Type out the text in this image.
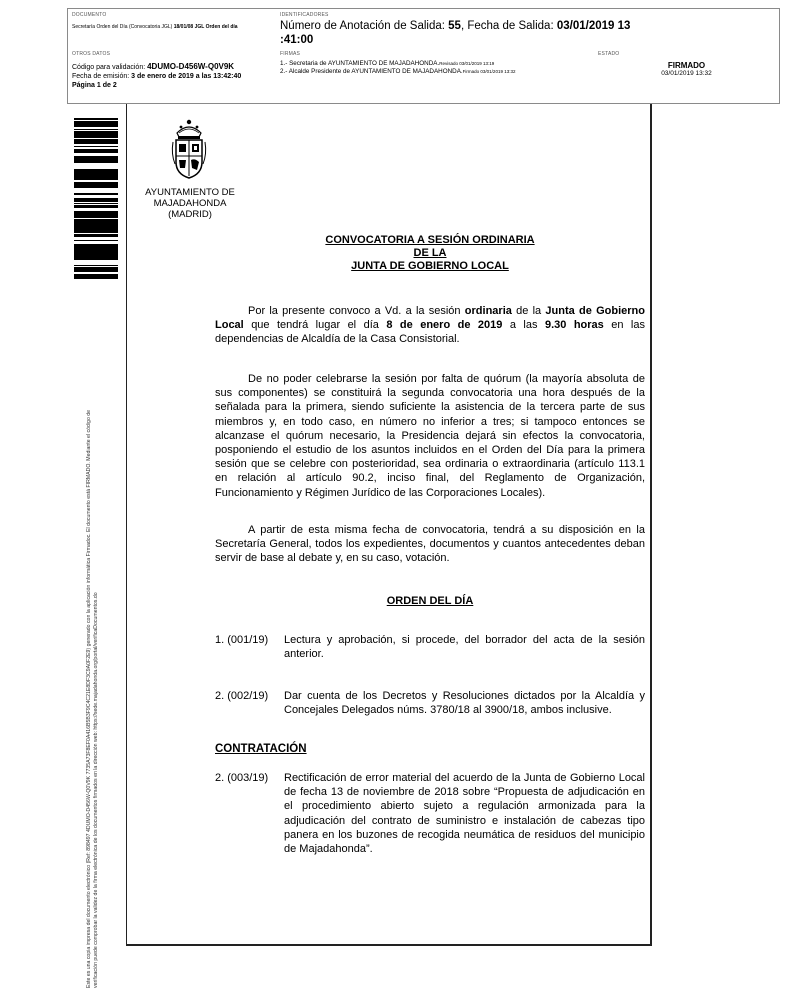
DOCUMENTO
Secretaría Orden del Día (Convocatoria JGL) 18/01/08 JGL Orden del día
IDENTIFICADORES
Número de Anotación de Salida: 55, Fecha de Salida: 03/01/2019 13
:41:00
OTROS DATOS
Código para validación: 4DUMO-D456W-Q0V9K
Fecha de emisión: 3 de enero de 2019 a las 13:42:40
Página 1 de 2
FIRMAS
1.- Secretaria de AYUNTAMIENTO DE MAJADAHONDA.Revisado 03/01/2019 13:19
2.- Alcalde Presidente de AYUNTAMIENTO DE MAJADAHONDA.Firmado 03/01/2019 13:32
ESTADO
FIRMADO
03/01/2019 13:32
Este es una copia impresa del documento electrónico (Ref: 898497 4DUMO-D456W-Q0V9K 7735A73F8EF0A416B5B3F9C4C21E8DF3C9A0F2E9) generado con la aplicación informática Firmadoc. El documento está FIRMADO. Mediante el código de verificación puede comprobar la validez de la firma electrónica de los documentos firmados en la dirección web: https://sede.majadahonda.org/portal/verificaDocumentos.do
AYUNTAMIENTO DE
MAJADAHONDA
(MADRID)
CONVOCATORIA A SESIÓN ORDINARIA
DE LA
JUNTA DE GOBIERNO LOCAL
Por la presente convoco a Vd. a la sesión ordinaria de la Junta de Gobierno Local que tendrá lugar el día 8 de enero de 2019 a las 9.30 horas en las dependencias de Alcaldía de la Casa Consistorial.
De no poder celebrarse la sesión por falta de quórum (la mayoría absoluta de sus componentes) se constituirá la segunda convocatoria una hora después de la señalada para la primera, siendo suficiente la asistencia de la tercera parte de sus miembros y, en todo caso, en número no inferior a tres; si tampoco entonces se alcanzase el quórum necesario, la Presidencia dejará sin efectos la convocatoria, posponiendo el estudio de los asuntos incluidos en el Orden del Día para la primera sesión que se celebre con posterioridad, sea ordinaria o extraordinaria (artículo 113.1 en relación al artículo 90.2, inciso final, del Reglamento de Organización, Funcionamiento y Régimen Jurídico de las Corporaciones Locales).
A partir de esta misma fecha de convocatoria, tendrá a su disposición en la Secretaría General, todos los expedientes, documentos y cuantos antecedentes deban servir de base al debate y, en su caso, votación.
ORDEN DEL DÍA
1. (001/19)	Lectura y aprobación, si procede, del borrador del acta de la sesión anterior.
2. (002/19)	Dar cuenta de los Decretos y Resoluciones dictados por la Alcaldía y Concejales Delegados núms. 3780/18 al 3900/18, ambos inclusive.
CONTRATACIÓN
2. (003/19)	Rectificación de error material del acuerdo de la Junta de Gobierno Local de fecha 13 de noviembre de 2018 sobre “Propuesta de adjudicación en el procedimiento abierto sujeto a regulación armonizada para la adjudicación del contrato de suministro e instalación de cabezas tipo panera en los buzones de recogida neumática de residuos del municipio de Majadahonda”.
